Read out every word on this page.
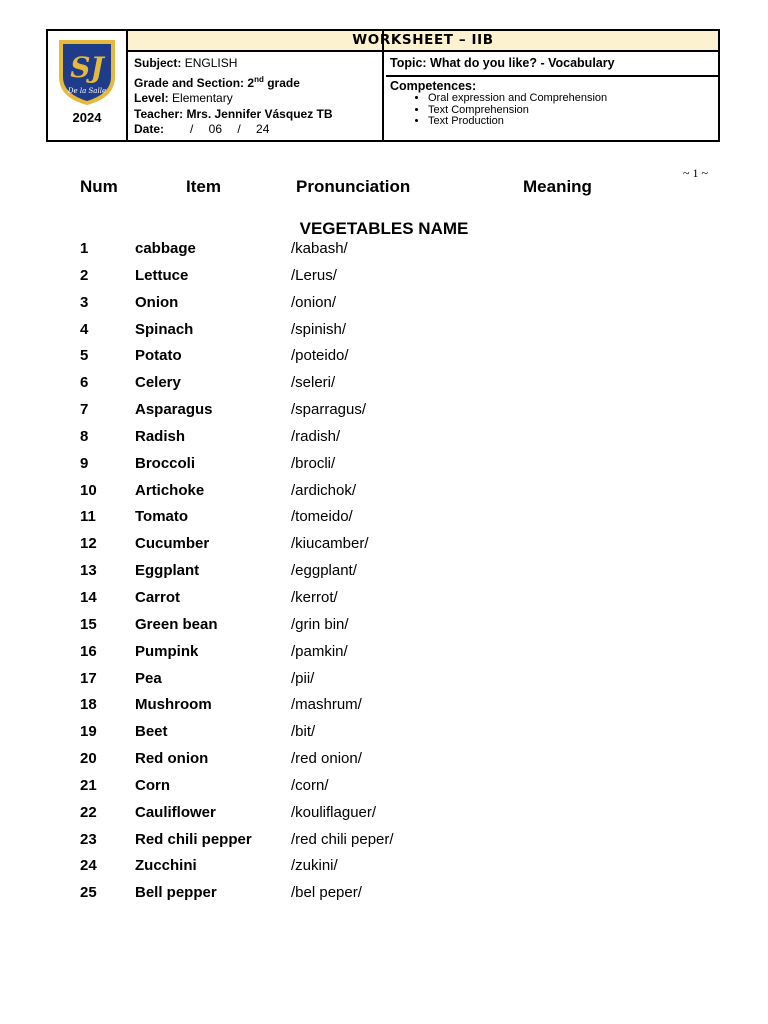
SJ
De la Salle
2024
WORKSHEET – IIB
Subject: ENGLISH
Grade and Section: 2nd grade
Level: Elementary
Teacher: Mrs. Jennifer Vásquez TB
Date: / 06 / 24
Topic: What do you like? - Vocabulary
Competences:
• Oral expression and Comprehension
• Text Comprehension
• Text Production
~ 1 ~
Num	Item	Pronunciation	Meaning
VEGETABLES NAME
1	cabbage	/kabash/
2	Lettuce	/Lerus/
3	Onion	/onion/
4	Spinach	/spinish/
5	Potato	/poteido/
6	Celery	/seleri/
7	Asparagus	/sparragus/
8	Radish	/radish/
9	Broccoli	/brocli/
10	Artichoke	/ardichok/
11	Tomato	/tomeido/
12	Cucumber	/kiucamber/
13	Eggplant	/eggplant/
14	Carrot	/kerrot/
15	Green bean	/grin bin/
16	Pumpink	/pamkin/
17	Pea	/pii/
18	Mushroom	/mashrum/
19	Beet	/bit/
20	Red onion	/red onion/
21	Corn	/corn/
22	Cauliflower	/kouliflaguer/
23	Red chili pepper	/red chili peper/
24	Zucchini	/zukini/
25	Bell pepper	/bel peper/
